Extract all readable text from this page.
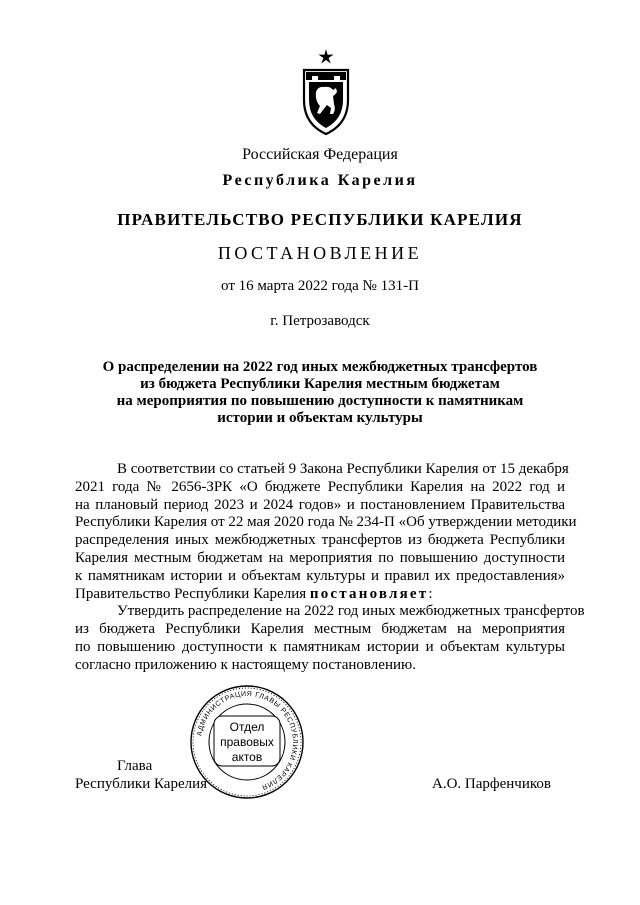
Российская Федерация
Республика Карелия
ПРАВИТЕЛЬСТВО РЕСПУБЛИКИ КАРЕЛИЯ
ПОСТАНОВЛЕНИЕ
от 16 марта 2022 года № 131-П
г. Петрозаводск
О распределении на 2022 год иных межбюджетных трансфертов
из бюджета Республики Карелия местным бюджетам
на мероприятия по повышению доступности к памятникам
истории и объектам культуры
В соответствии со статьей 9 Закона Республики Карелия от 15 декабря
2021 года № 2656-ЗРК «О бюджете Республики Карелия на 2022 год и
на плановый период 2023 и 2024 годов» и постановлением Правительства
Республики Карелия от 22 мая 2020 года № 234-П «Об утверждении методики
распределения иных межбюджетных трансфертов из бюджета Республики
Карелия местным бюджетам на мероприятия по повышению доступности
к памятникам истории и объектам культуры и правил их предоставления»
Правительство Республики Карелия постановляет:
Утвердить распределение на 2022 год иных межбюджетных трансфертов
из бюджета Республики Карелия местным бюджетам на мероприятия
по повышению доступности к памятникам истории и объектам культуры
согласно приложению к настоящему постановлению.
АДМИНИСТРАЦИЯ ГЛАВЫ РЕСПУБЛИКИ КАРЕЛИЯ
Отдел
правовых
актов
Глава
Республики Карелия	А.О. Парфенчиков
